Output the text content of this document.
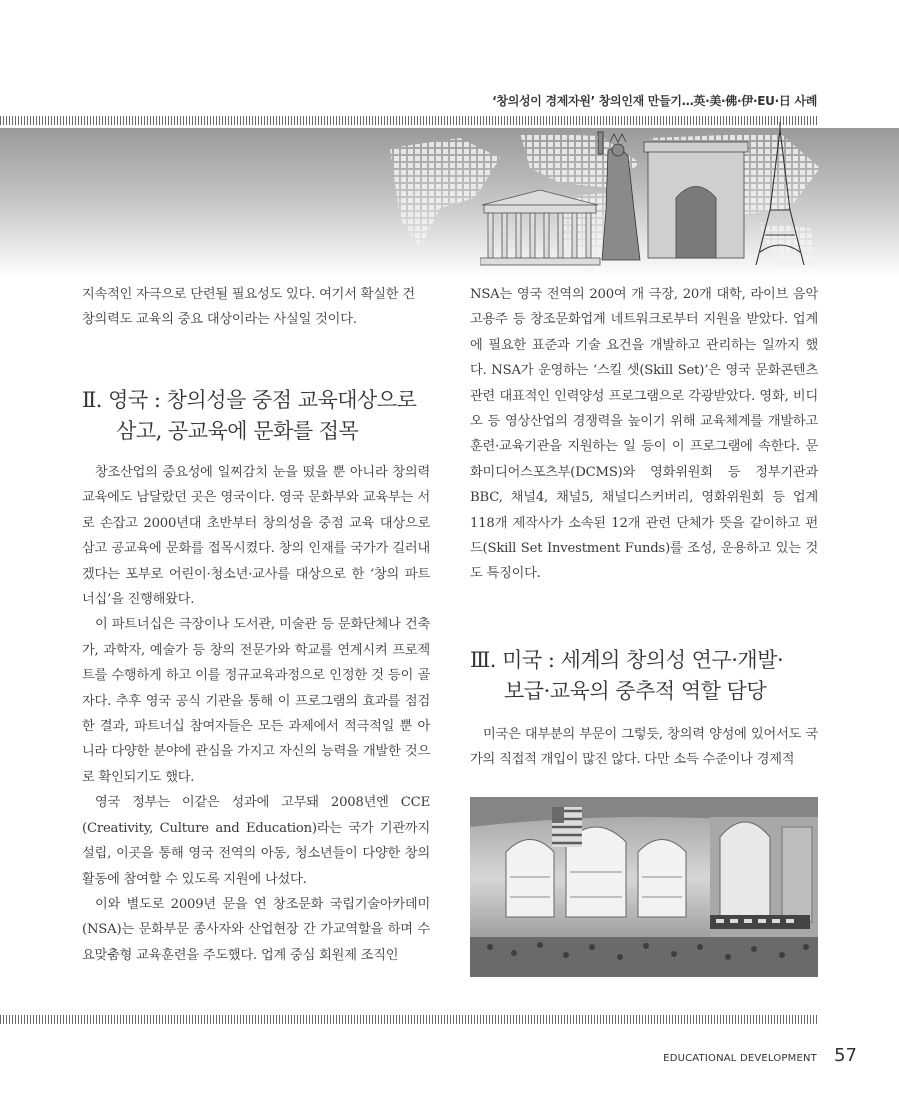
‘창의성이 경제자원’ 창의인재 만들기…英·美·佛·伊·EU·日 사례

지속적인 자극으로 단련될 필요성도 있다. 여기서 확실한 건

창의력도 교육의 중요 대상이라는 사실일 것이다.

Ⅱ. 영국 : 창의성을 중점 교육대상으로
삼고, 공교육에 문화를 접목

창조산업의 중요성에 일찌감치 눈을 떴을 뿐 아니라 창의력 교육에도 남달랐던 곳은 영국이다. 영국 문화부와 교육부는 서로 손잡고 2000년대 초반부터 창의성을 중점 교육 대상으로 삼고 공교육에 문화를 접목시켰다. 창의 인재를 국가가 길러내겠다는 포부로 어린이·청소년·교사를 대상으로 한 ‘창의 파트너십’을 진행해왔다.

이 파트너십은 극장이나 도서관, 미술관 등 문화단체나 건축가, 과학자, 예술가 등 창의 전문가와 학교를 연계시켜 프로젝트를 수행하게 하고 이를 정규교육과정으로 인정한 것 등이 골자다. 추후 영국 공식 기관을 통해 이 프로그램의 효과를 점검한 결과, 파트너십 참여자들은 모든 과제에서 적극적일 뿐 아니라 다양한 분야에 관심을 가지고 자신의 능력을 개발한 것으로 확인되기도 했다.

영국 정부는 이같은 성과에 고무돼 2008년엔 CCE (Creativity, Culture and Education)라는 국가 기관까지 설립, 이곳을 통해 영국 전역의 아동, 청소년들이 다양한 창의활동에 참여할 수 있도록 지원에 나섰다.

이와 별도로 2009년 문을 연 창조문화 국립기술아카데미 (NSA)는 문화부문 종사자와 산업현장 간 가교역할을 하며 수요맞춤형 교육훈련을 주도했다. 업계 중심 회원제 조직인

NSA는 영국 전역의 200여 개 극장, 20개 대학, 라이브 음악 고용주 등 창조문화업계 네트워크로부터 지원을 받았다. 업계에 필요한 표준과 기술 요건을 개발하고 관리하는 일까지 했다. NSA가 운영하는 ‘스킬 셋(Skill Set)’은 영국 문화콘텐츠 관련 대표적인 인력양성 프로그램으로 각광받았다. 영화, 비디오 등 영상산업의 경쟁력을 높이기 위해 교육체계를 개발하고 훈련·교육기관을 지원하는 일 등이 이 프로그램에 속한다. 문화미디어스포츠부(DCMS)와 영화위원회 등 정부기관과 BBC, 채널4, 채널5, 채널디스커버리, 영화위원회 등 업계 118개 제작사가 소속된 12개 관련 단체가 뜻을 같이하고 펀드(Skill Set Investment Funds)를 조성, 운용하고 있는 것도 특징이다.

Ⅲ. 미국 : 세계의 창의성 연구·개발·
보급·교육의 중추적 역할 담당

미국은 대부분의 부문이 그렇듯, 창의력 양성에 있어서도 국가의 직접적 개입이 많진 않다. 다만 소득 수준이나 경제적

EDUCATIONAL DEVELOPMENT 57
